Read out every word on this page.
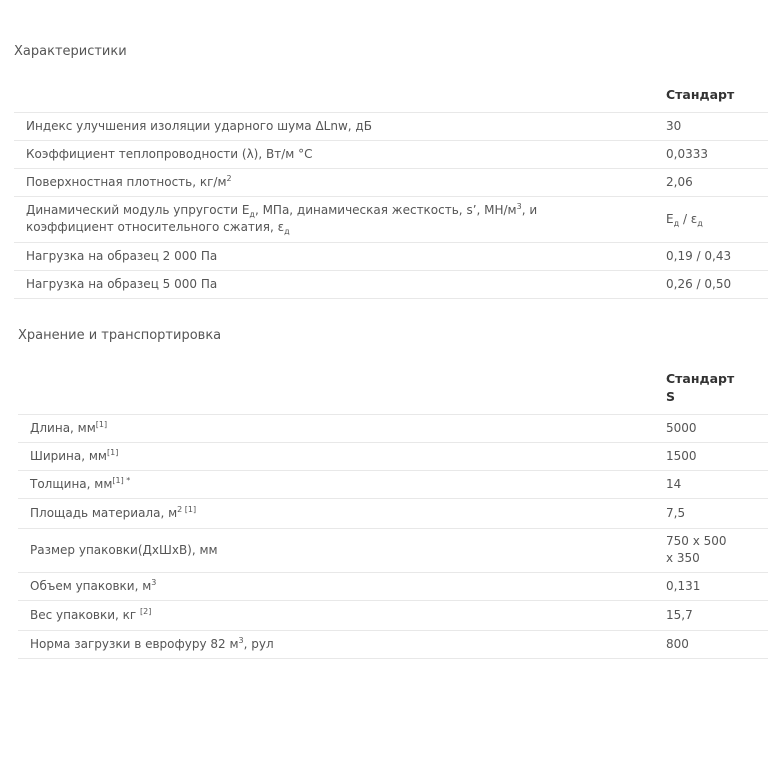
Характеристики
	Стандарт
Индекс улучшения изоляции ударного шума ΔLnw, дБ	30
Коэффициент теплопроводности (λ), Вт/м °С	0,0333
Поверхностная плотность, $кг/м^2$	2,06
Динамический модуль упругости $E_д$, МПа, динамическая жесткость, s’, $МН/м^3$, и
коэффициент относительного сжатия, $\varepsilon_д$	$E_д / \varepsilon_д$
Нагрузка на образец 2 000 Па	0,19 / 0,43
Нагрузка на образец 5 000 Па	0,26 / 0,50
Хранение и транспортировка
	Стандарт
S
Длина, мм[1]	5000
Ширина, мм[1]	1500
Толщина, $мм^{[1] *}$	14
Площадь материала, $м^{2 [1]}$	7,5
Размер упаковки(ДхШхВ), мм	750 х 500
х 350
Объем упаковки, $м^3$	0,131
Вес упаковки, кг [2]	15,7
Норма загрузки в еврофуру 82 $м^3$, рул	800
